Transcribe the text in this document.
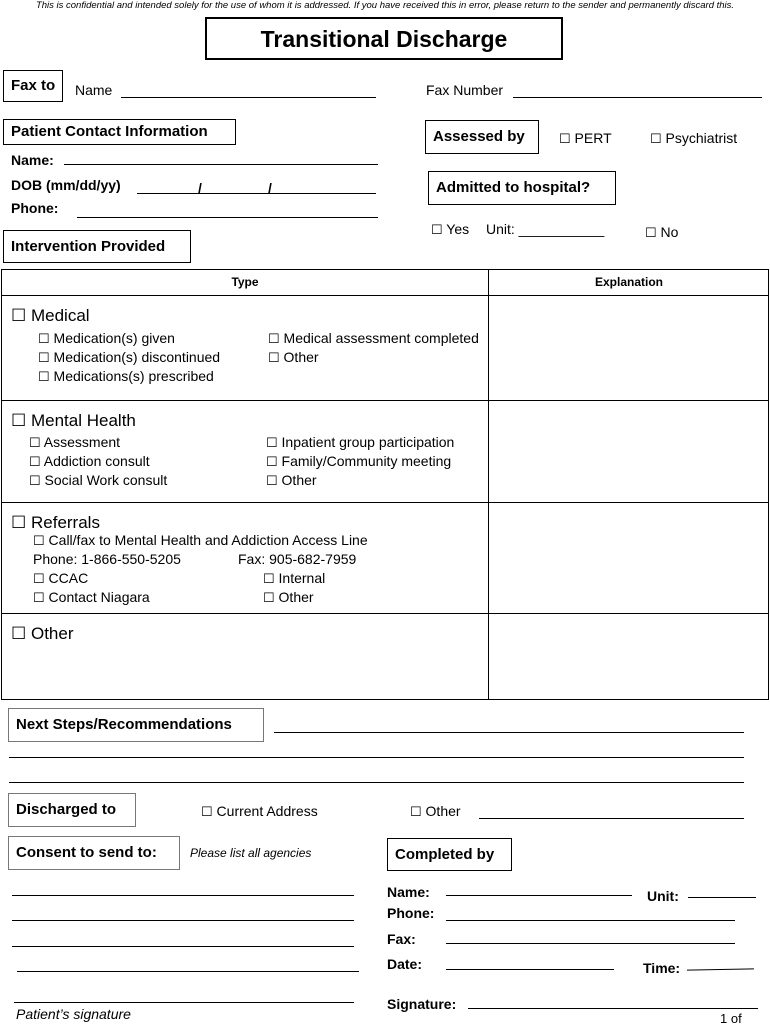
This is confidential and intended solely for the use of whom it is addressed. If you have received this in error, please return to the sender and permanently discard this.
Transitional Discharge
Fax to	Name	Fax Number
Patient Contact Information
Name:
DOB (mm/dd/yy)	/	/
Phone:
Assessed by	☐ PERT	☐ Psychiatrist
Admitted to hospital?
☐ Yes Unit: ___________	☐ No
Intervention Provided
Type	Explanation
☐ Medical
☐ Medication(s) given
☐ Medication(s) discontinued
☐ Medications(s) prescribed
☐ Medical assessment completed
☐ Other
☐ Mental Health
☐ Assessment
☐ Addiction consult
☐ Social Work consult
☐ Inpatient group participation
☐ Family/Community meeting
☐ Other
☐ Referrals
☐ Call/fax to Mental Health and Addiction Access Line
Phone: 1-866-550-5205	Fax: 905-682-7959
☐ CCAC
☐ Contact Niagara
☐ Internal
☐ Other
☐ Other
Next Steps/Recommendations
Discharged to	☐ Current Address	☐ Other
Consent to send to:	Please list all agencies
Patient’s signature
Completed by
Name:	Unit:
Phone:
Fax:
Date:	Time:
Signature:
1 of
